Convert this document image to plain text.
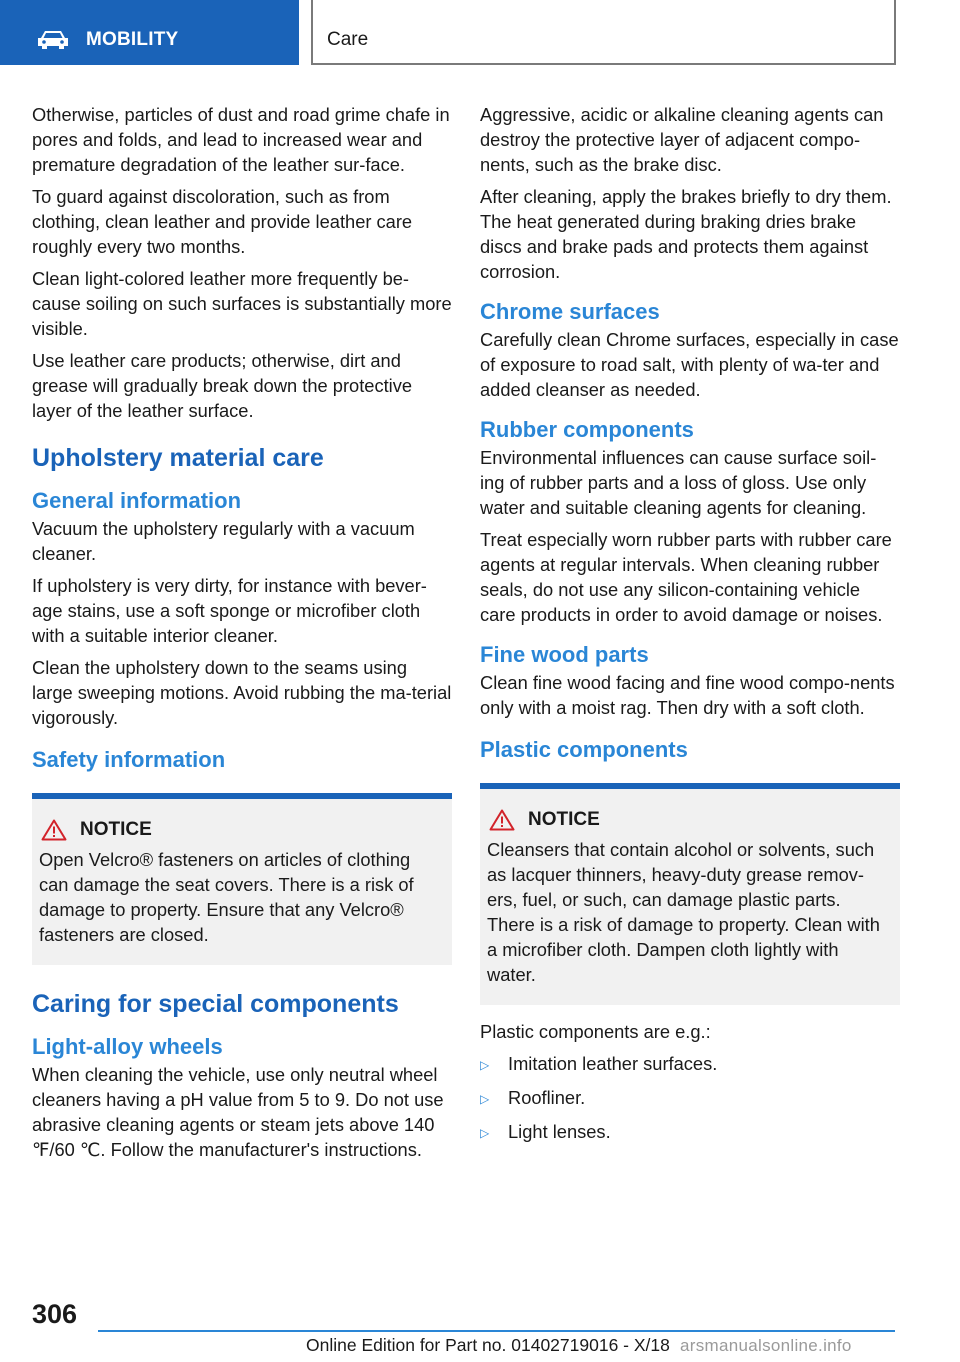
MOBILITY	Care

Otherwise, particles of dust and road grime chafe in pores and folds, and lead to increased wear and premature degradation of the leather sur-face.

To guard against discoloration, such as from clothing, clean leather and provide leather care roughly every two months.

Clean light-colored leather more frequently be-cause soiling on such surfaces is substantially more visible.

Use leather care products; otherwise, dirt and grease will gradually break down the protective layer of the leather surface.

Upholstery material care
General information

Vacuum the upholstery regularly with a vacuum cleaner.

If upholstery is very dirty, for instance with bever-age stains, use a soft sponge or microfiber cloth with a suitable interior cleaner.

Clean the upholstery down to the seams using large sweeping motions. Avoid rubbing the ma-terial vigorously.

Safety information
NOTICE
Open Velcro® fasteners on articles of clothing can damage the seat covers. There is a risk of damage to property. Ensure that any Velcro® fasteners are closed.
Caring for special components
Light-alloy wheels

When cleaning the vehicle, use only neutral wheel cleaners having a pH value from 5 to 9. Do not use abrasive cleaning agents or steam jets above 140 ℉/60 ℃. Follow the manufacturer's instructions.

Aggressive, acidic or alkaline cleaning agents can destroy the protective layer of adjacent compo-nents, such as the brake disc.

After cleaning, apply the brakes briefly to dry them. The heat generated during braking dries brake discs and brake pads and protects them against corrosion.

Chrome surfaces

Carefully clean Chrome surfaces, especially in case of exposure to road salt, with plenty of wa-ter and added cleanser as needed.

Rubber components

Environmental influences can cause surface soil-ing of rubber parts and a loss of gloss. Use only water and suitable cleaning agents for cleaning.

Treat especially worn rubber parts with rubber care agents at regular intervals. When cleaning rubber seals, do not use any silicon-containing vehicle care products in order to avoid damage or noises.

Fine wood parts

Clean fine wood facing and fine wood compo-nents only with a moist rag. Then dry with a soft cloth.

Plastic components
NOTICE
Cleansers that contain alcohol or solvents, such as lacquer thinners, heavy-duty grease remov-ers, fuel, or such, can damage plastic parts. There is a risk of damage to property. Clean with a microfiber cloth. Dampen cloth lightly with water.

Plastic components are e.g.:

▷	Imitation leather surfaces.
▷	Roofliner.
▷	Light lenses.
306
Online Edition for Part no. 01402719016 - X/18 arsmanualsonline.info
